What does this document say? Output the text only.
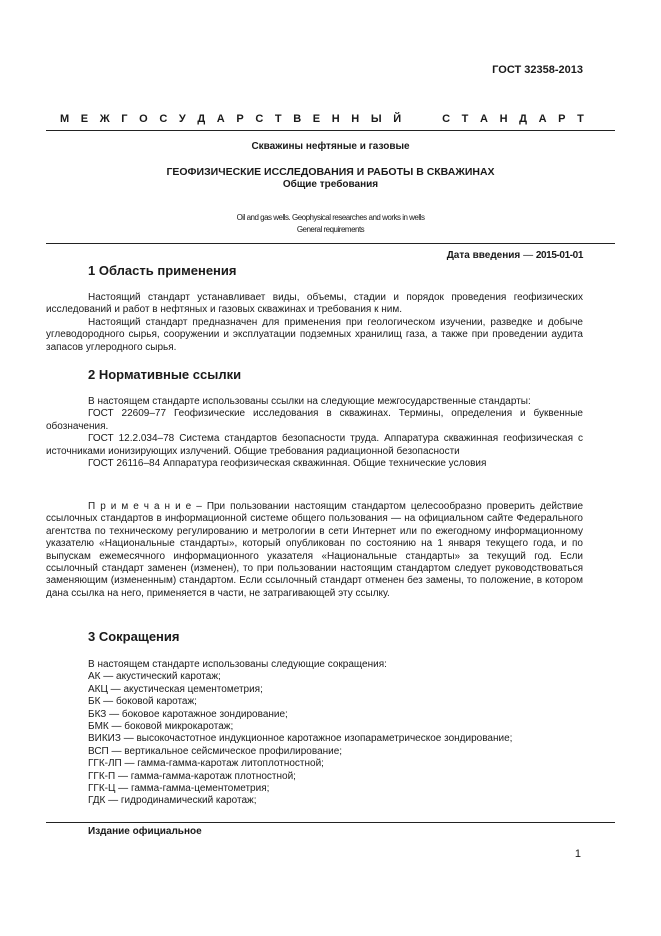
ГОСТ 32358-2013
М Е Ж Г О С У Д А Р С Т В Е Н Н Ы Й

	С Т А Н Д А Р Т
Скважины нефтяные и газовые
ГЕОФИЗИЧЕСКИЕ ИССЛЕДОВАНИЯ И РАБОТЫ В СКВАЖИНАХ
Общие требования
Oil and gas wells. Geophysical researches and works in wells
General requirements
Дата введения — 2015-01-01
1 Область применения

Настоящий стандарт устанавливает виды, объемы, стадии и порядок проведения геофизических исследований и работ в нефтяных и газовых скважинах и требования к ним.

Настоящий стандарт предназначен для применения при геологическом изучении, разведке и добыче углеводородного сырья, сооружении и эксплуатации подземных хранилищ газа, а также при проведении аудита запасов углеродного сырья.

2 Нормативные ссылки

В настоящем стандарте использованы ссылки на следующие межгосударственные стандарты:

ГОСТ 22609–77 Геофизические исследования в скважинах. Термины, определения и буквенные обозначения.

ГОСТ 12.2.034–78 Система стандартов безопасности труда. Аппаратура скважинная геофизическая с источниками ионизирующих излучений. Общие требования радиационной безопасности

ГОСТ 26116–84 Аппаратура геофизическая скважинная. Общие технические условия

П р и м е ч а н и е – При пользовании настоящим стандартом целесообразно проверить действие ссылочных стандартов в информационной системе общего пользования — на официальном сайте Федерального агентства по техническому регулированию и метрологии в сети Интернет или по ежегодному информационному указателю «Национальные стандарты», который опубликован по состоянию на 1 января текущего года, и по выпускам ежемесячного информационного указателя «Национальные стандарты» за текущий год. Если ссылочный стандарт заменен (изменен), то при пользовании настоящим стандартом следует руководствоваться заменяющим (измененным) стандартом. Если ссылочный стандарт отменен без замены, то положение, в котором дана ссылка на него, применяется в части, не затрагивающей эту ссылку.

3 Сокращения
В настоящем стандарте использованы следующие сокращения:
АК — акустический каротаж;
АКЦ — акустическая цементометрия;
БК — боковой каротаж;
БКЗ — боковое каротажное зондирование;
БМК — боковой микрокаротаж;
ВИКИЗ — высокочастотное индукционное каротажное изопараметрическое зондирование;
ВСП — вертикальное сейсмическое профилирование;
ГГК-ЛП — гамма-гамма-каротаж литоплотностной;
ГГК-П — гамма-гамма-каротаж плотностной;
ГГК-Ц — гамма-гамма-цементометрия;
ГДК — гидродинамический каротаж;
Издание официальное
1
